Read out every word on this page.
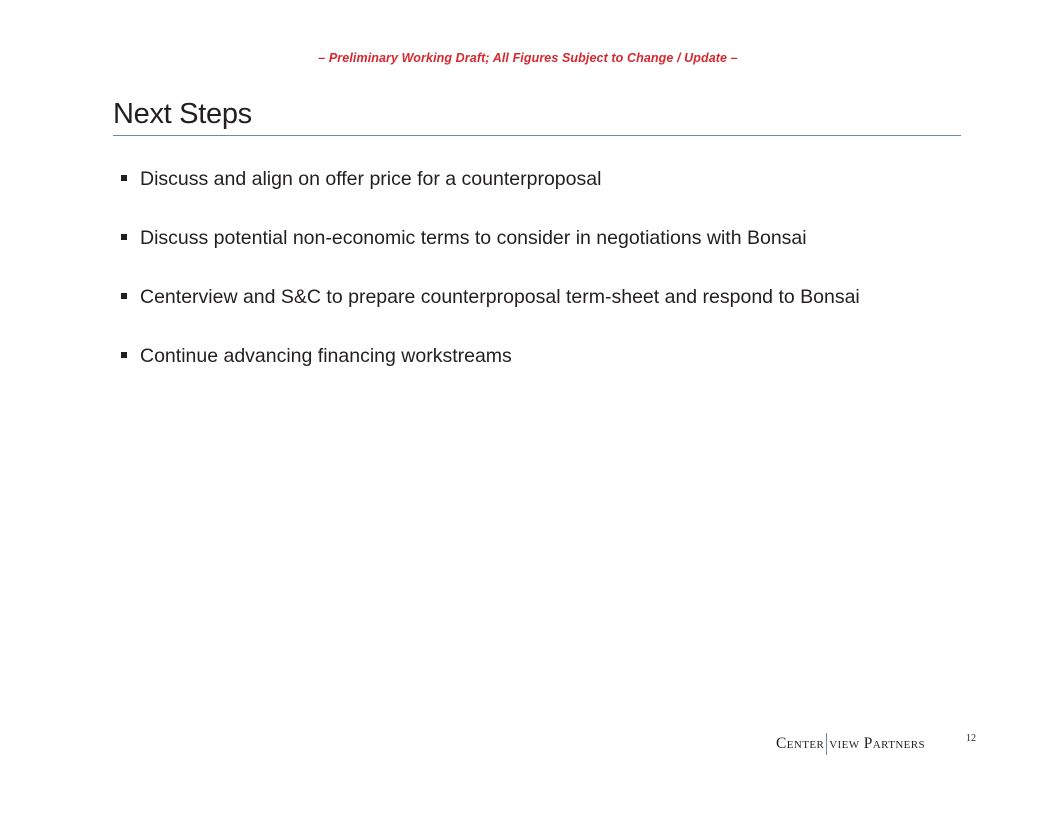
– Preliminary Working Draft; All Figures Subject to Change / Update –
Next Steps
Discuss and align on offer price for a counterproposal
Discuss potential non-economic terms to consider in negotiations with Bonsai
Centerview and S&C to prepare counterproposal term-sheet and respond to Bonsai
Continue advancing financing workstreams
Center view Partners	12
